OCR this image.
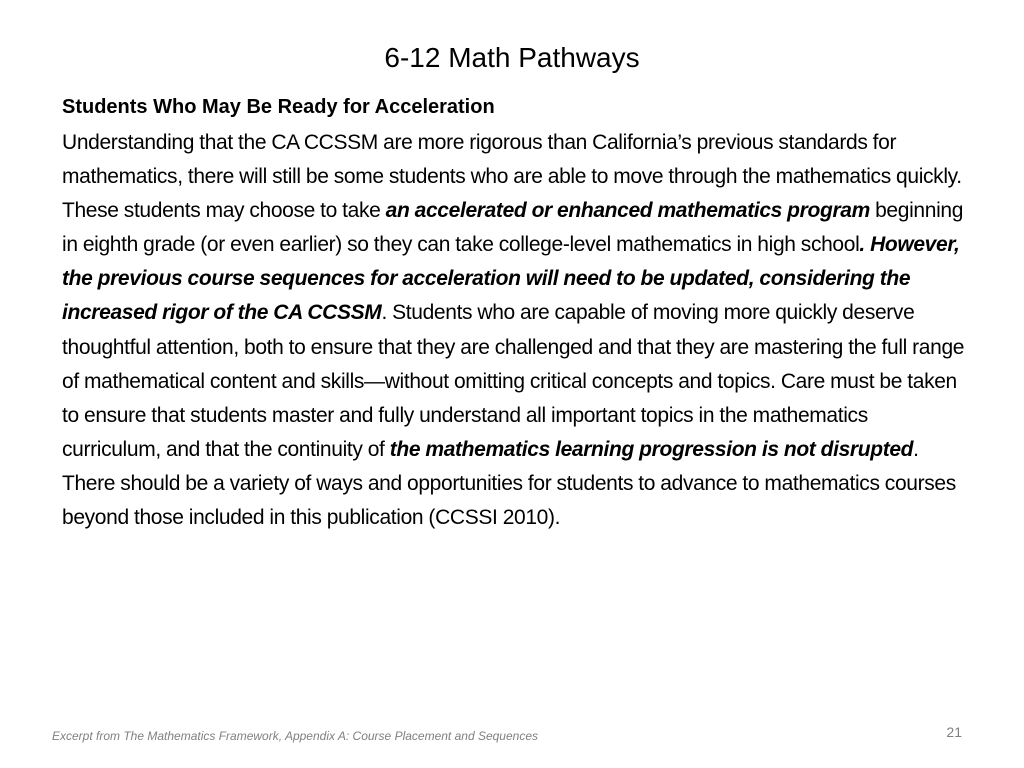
6-12 Math Pathways
Students Who May Be Ready for Acceleration

Understanding that the CA CCSSM are more rigorous than California’s previous standards for mathematics, there will still be some students who are able to move through the mathematics quickly. These students may choose to take an accelerated or enhanced mathematics program beginning in eighth grade (or even earlier) so they can take college-level mathematics in high school. However, the previous course sequences for acceleration will need to be updated, considering the increased rigor of the CA CCSSM. Students who are capable of moving more quickly deserve thoughtful attention, both to ensure that they are challenged and that they are mastering the full range of mathematical content and skills—without omitting critical concepts and topics. Care must be taken to ensure that students master and fully understand all important topics in the mathematics curriculum, and that the continuity of the mathematics learning progression is not disrupted. There should be a variety of ways and opportunities for students to advance to mathematics courses beyond those included in this publication (CCSSI 2010).

Excerpt from The Mathematics Framework, Appendix A: Course Placement and Sequences	21
